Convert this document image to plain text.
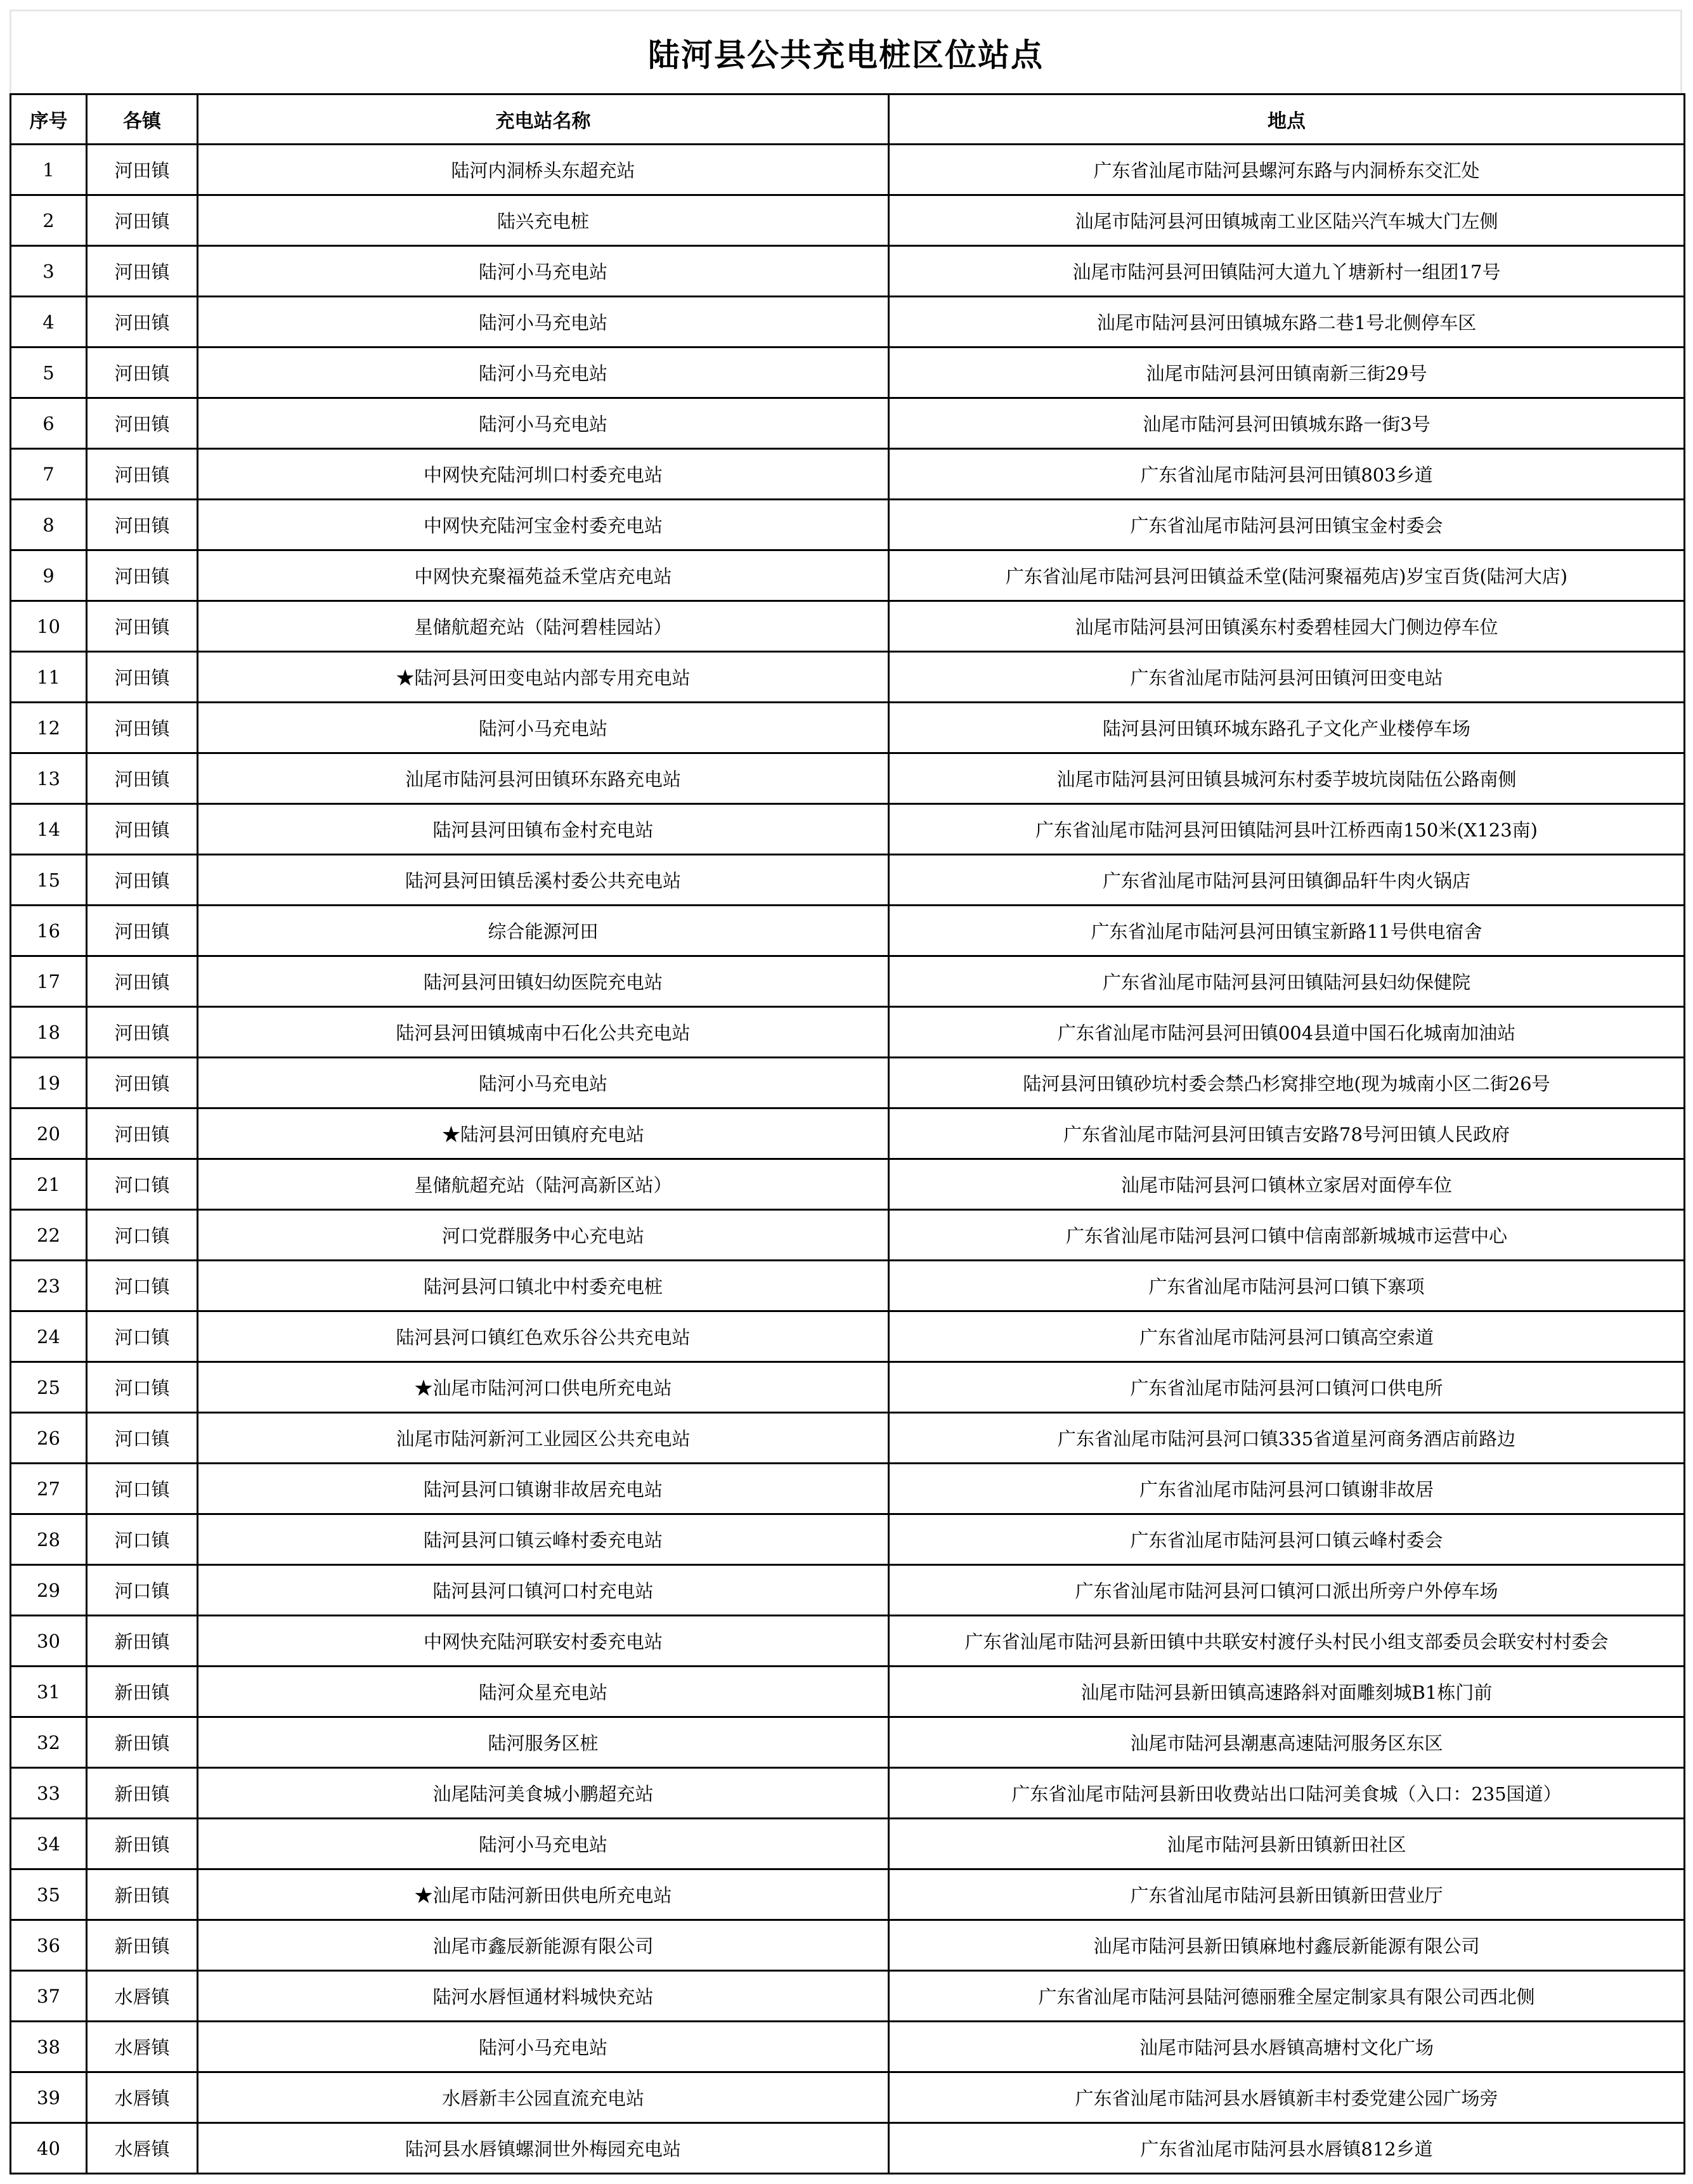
陆河县公共充电桩区位站点
序号	各镇	充电站名称	地点
1	河田镇	陆河内洞桥头东超充站	广东省汕尾市陆河县螺河东路与内洞桥东交汇处
2	河田镇	陆兴充电桩	汕尾市陆河县河田镇城南工业区陆兴汽车城大门左侧
3	河田镇	陆河小马充电站	汕尾市陆河县河田镇陆河大道九丫塘新村一组团17号
4	河田镇	陆河小马充电站	汕尾市陆河县河田镇城东路二巷1号北侧停车区
5	河田镇	陆河小马充电站	汕尾市陆河县河田镇南新三街29号
6	河田镇	陆河小马充电站	汕尾市陆河县河田镇城东路一街3号
7	河田镇	中网快充陆河圳口村委充电站	广东省汕尾市陆河县河田镇803乡道
8	河田镇	中网快充陆河宝金村委充电站	广东省汕尾市陆河县河田镇宝金村委会
9	河田镇	中网快充聚福苑益禾堂店充电站	广东省汕尾市陆河县河田镇益禾堂(陆河聚福苑店)岁宝百货(陆河大店)
10	河田镇	星储航超充站（陆河碧桂园站）	汕尾市陆河县河田镇溪东村委碧桂园大门侧边停车位
11	河田镇	★陆河县河田变电站内部专用充电站	广东省汕尾市陆河县河田镇河田变电站
12	河田镇	陆河小马充电站	陆河县河田镇环城东路孔子文化产业楼停车场
13	河田镇	汕尾市陆河县河田镇环东路充电站	汕尾市陆河县河田镇县城河东村委芋坡坑岗陆伍公路南侧
14	河田镇	陆河县河田镇布金村充电站	广东省汕尾市陆河县河田镇陆河县叶江桥西南150米(X123南)
15	河田镇	陆河县河田镇岳溪村委公共充电站	广东省汕尾市陆河县河田镇御品轩牛肉火锅店
16	河田镇	综合能源河田	广东省汕尾市陆河县河田镇宝新路11号供电宿舍
17	河田镇	陆河县河田镇妇幼医院充电站	广东省汕尾市陆河县河田镇陆河县妇幼保健院
18	河田镇	陆河县河田镇城南中石化公共充电站	广东省汕尾市陆河县河田镇004县道中国石化城南加油站
19	河田镇	陆河小马充电站	陆河县河田镇砂坑村委会禁凸杉窝排空地(现为城南小区二街26号
20	河田镇	★陆河县河田镇府充电站	广东省汕尾市陆河县河田镇吉安路78号河田镇人民政府
21	河口镇	星储航超充站（陆河高新区站）	汕尾市陆河县河口镇林立家居对面停车位
22	河口镇	河口党群服务中心充电站	广东省汕尾市陆河县河口镇中信南部新城城市运营中心
23	河口镇	陆河县河口镇北中村委充电桩	广东省汕尾市陆河县河口镇下寨项
24	河口镇	陆河县河口镇红色欢乐谷公共充电站	广东省汕尾市陆河县河口镇高空索道
25	河口镇	★汕尾市陆河河口供电所充电站	广东省汕尾市陆河县河口镇河口供电所
26	河口镇	汕尾市陆河新河工业园区公共充电站	广东省汕尾市陆河县河口镇335省道星河商务酒店前路边
27	河口镇	陆河县河口镇谢非故居充电站	广东省汕尾市陆河县河口镇谢非故居
28	河口镇	陆河县河口镇云峰村委充电站	广东省汕尾市陆河县河口镇云峰村委会
29	河口镇	陆河县河口镇河口村充电站	广东省汕尾市陆河县河口镇河口派出所旁户外停车场
30	新田镇	中网快充陆河联安村委充电站	广东省汕尾市陆河县新田镇中共联安村渡仔头村民小组支部委员会联安村村委会
31	新田镇	陆河众星充电站	汕尾市陆河县新田镇高速路斜对面雕刻城B1栋门前
32	新田镇	陆河服务区桩	汕尾市陆河县潮惠高速陆河服务区东区
33	新田镇	汕尾陆河美食城小鹏超充站	广东省汕尾市陆河县新田收费站出口陆河美食城（入口：235国道）
34	新田镇	陆河小马充电站	汕尾市陆河县新田镇新田社区
35	新田镇	★汕尾市陆河新田供电所充电站	广东省汕尾市陆河县新田镇新田营业厅
36	新田镇	汕尾市鑫辰新能源有限公司	汕尾市陆河县新田镇麻地村鑫辰新能源有限公司
37	水唇镇	陆河水唇恒通材料城快充站	广东省汕尾市陆河县陆河德丽雅全屋定制家具有限公司西北侧
38	水唇镇	陆河小马充电站	汕尾市陆河县水唇镇高塘村文化广场
39	水唇镇	水唇新丰公园直流充电站	广东省汕尾市陆河县水唇镇新丰村委党建公园广场旁
40	水唇镇	陆河县水唇镇螺洞世外梅园充电站	广东省汕尾市陆河县水唇镇812乡道
